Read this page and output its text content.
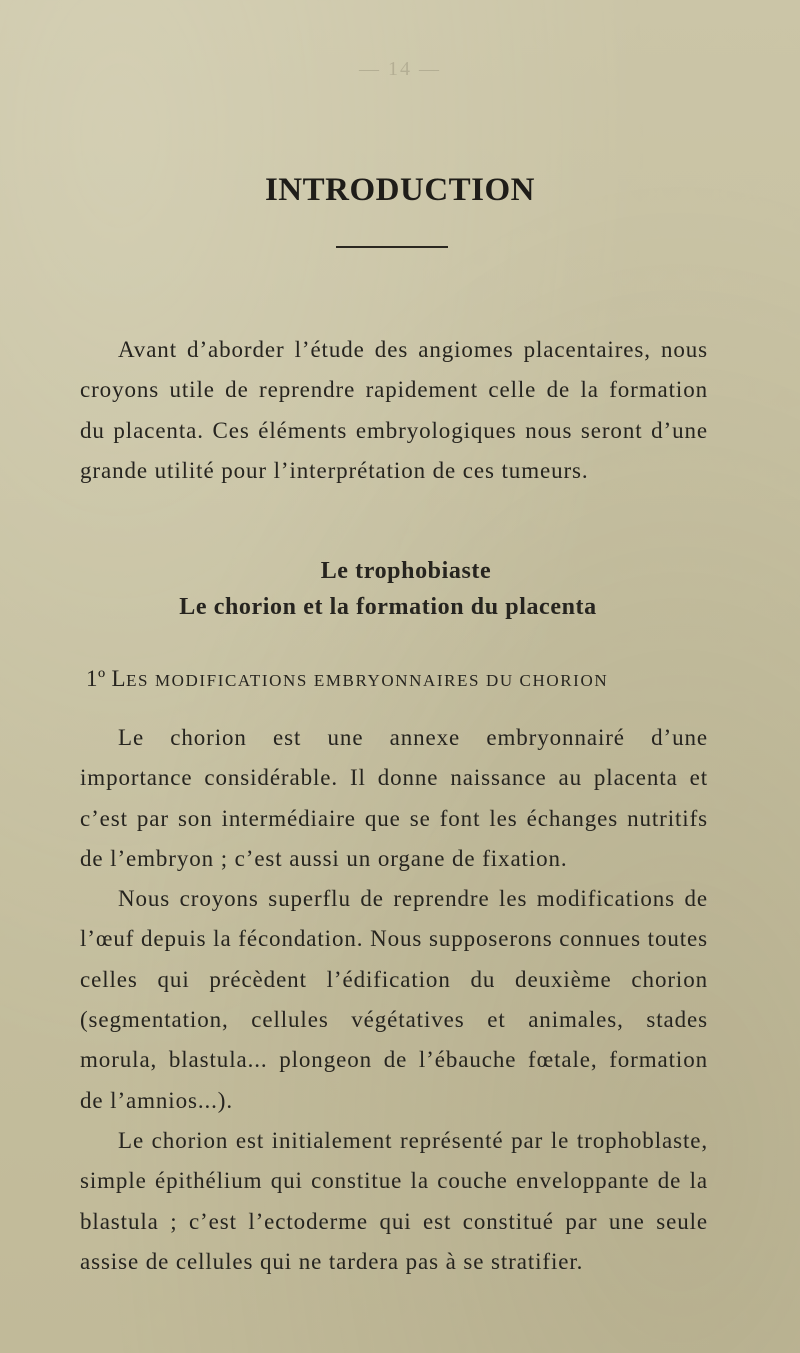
— 14 —
INTRODUCTION

Avant d’aborder l’étude des angiomes placentaires, nous croyons utile de reprendre rapidement celle de la formation du placenta. Ces éléments embryologiques nous seront d’une grande utilité pour l’interprétation de ces tumeurs.

Le trophobiaste

Le chorion et la formation du placenta

1º LES MODIFICATIONS EMBRYONNAIRES DU CHORION

Le chorion est une annexe embryonnairé d’une importance considérable. Il donne naissance au placenta et c’est par son intermédiaire que se font les échanges nutritifs de l’embryon ; c’est aussi un organe de fixation.

Nous croyons superflu de reprendre les modifications de l’œuf depuis la fécondation. Nous supposerons connues toutes celles qui précèdent l’édification du deuxième chorion (segmentation, cellules végétatives et animales, stades morula, blastula... plongeon de l’ébauche fœtale, formation de l’amnios...).

Le chorion est initialement représenté par le trophoblaste, simple épithélium qui constitue la couche enveloppante de la blastula ; c’est l’ectoderme qui est constitué par une seule assise de cellules qui ne tardera pas à se stratifier.
